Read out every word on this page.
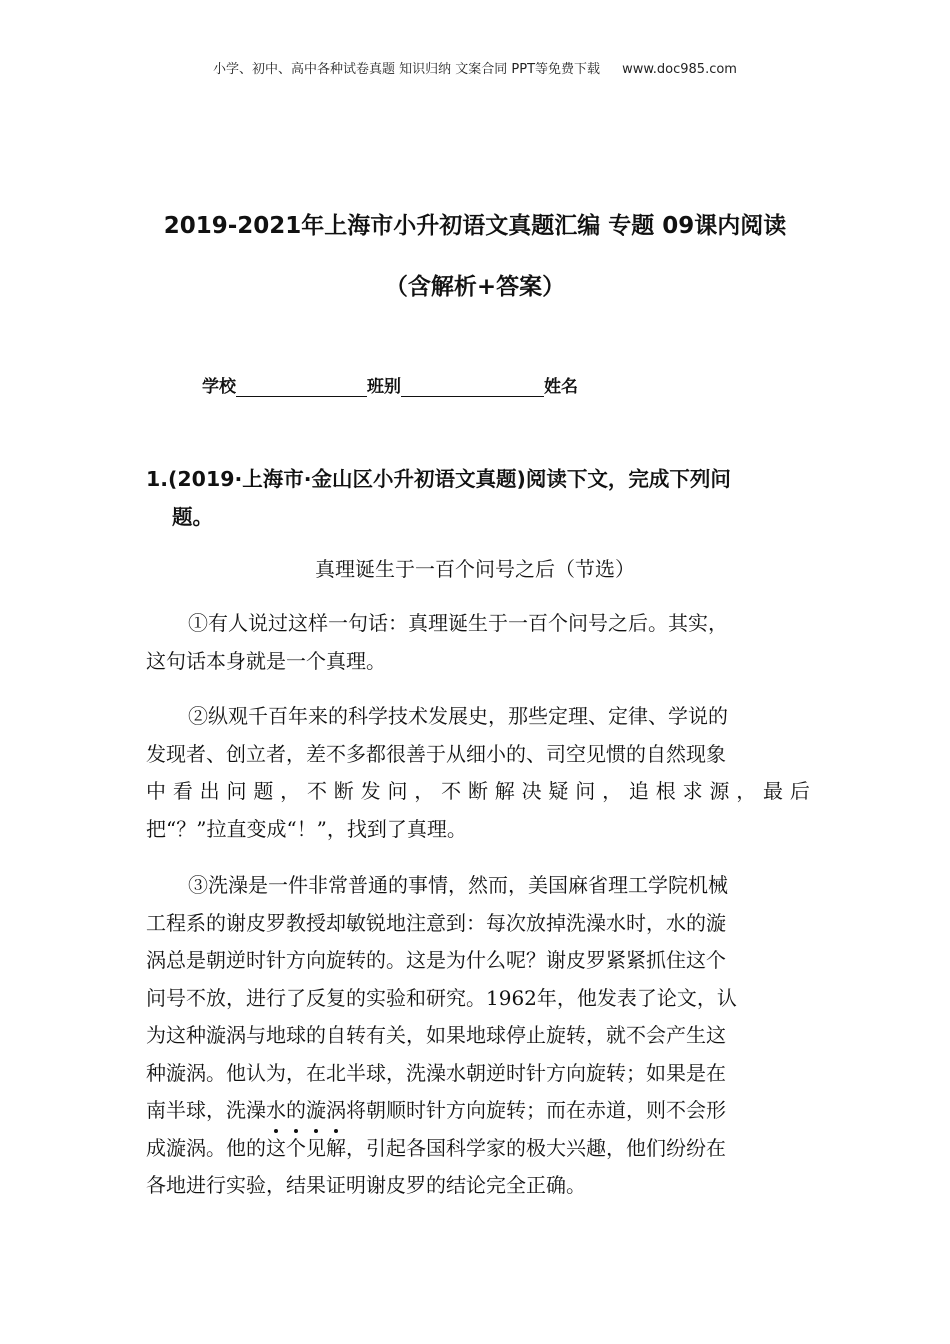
小学、初中、高中各种试卷真题 知识归纳 文案合同 PPT等免费下载 www.doc985.com
2019-2021年上海市小升初语文真题汇编 专题 09课内阅读
（含解析+答案）
学校	班别	姓名
1.(2019·上海市·金山区小升初语文真题)阅读下文，完成下列问
题。
真理诞生于一百个问号之后（节选）
①有人说过这样一句话：真理诞生于一百个问号之后。其实，
这句话本身就是一个真理。
②纵观千百年来的科学技术发展史，那些定理、定律、学说的
发现者、创立者，差不多都很善于从细小的、司空见惯的自然现象
中 看 出 问 题 ， 不 断 发 问 ， 不 断 解 决 疑 问 ， 追 根 求 源 ， 最 后
把“？”拉直变成“！”，找到了真理。
③洗澡是一件非常普通的事情，然而，美国麻省理工学院机械
工程系的谢皮罗教授却敏锐地注意到：每次放掉洗澡水时，水的漩
涡总是朝逆时针方向旋转的。这是为什么呢？谢皮罗紧紧抓住这个
问号不放，进行了反复的实验和研究。1962年，他发表了论文，认
为这种漩涡与地球的自转有关，如果地球停止旋转，就不会产生这
种漩涡。他认为，在北半球，洗澡水朝逆时针方向旋转；如果是在
南半球，洗澡水的漩涡将朝顺时针方向旋转；而在赤道，则不会形
成漩涡。他的这个见解，引起各国科学家的极大兴趣，他们纷纷在
各地进行实验，结果证明谢皮罗的结论完全正确。
